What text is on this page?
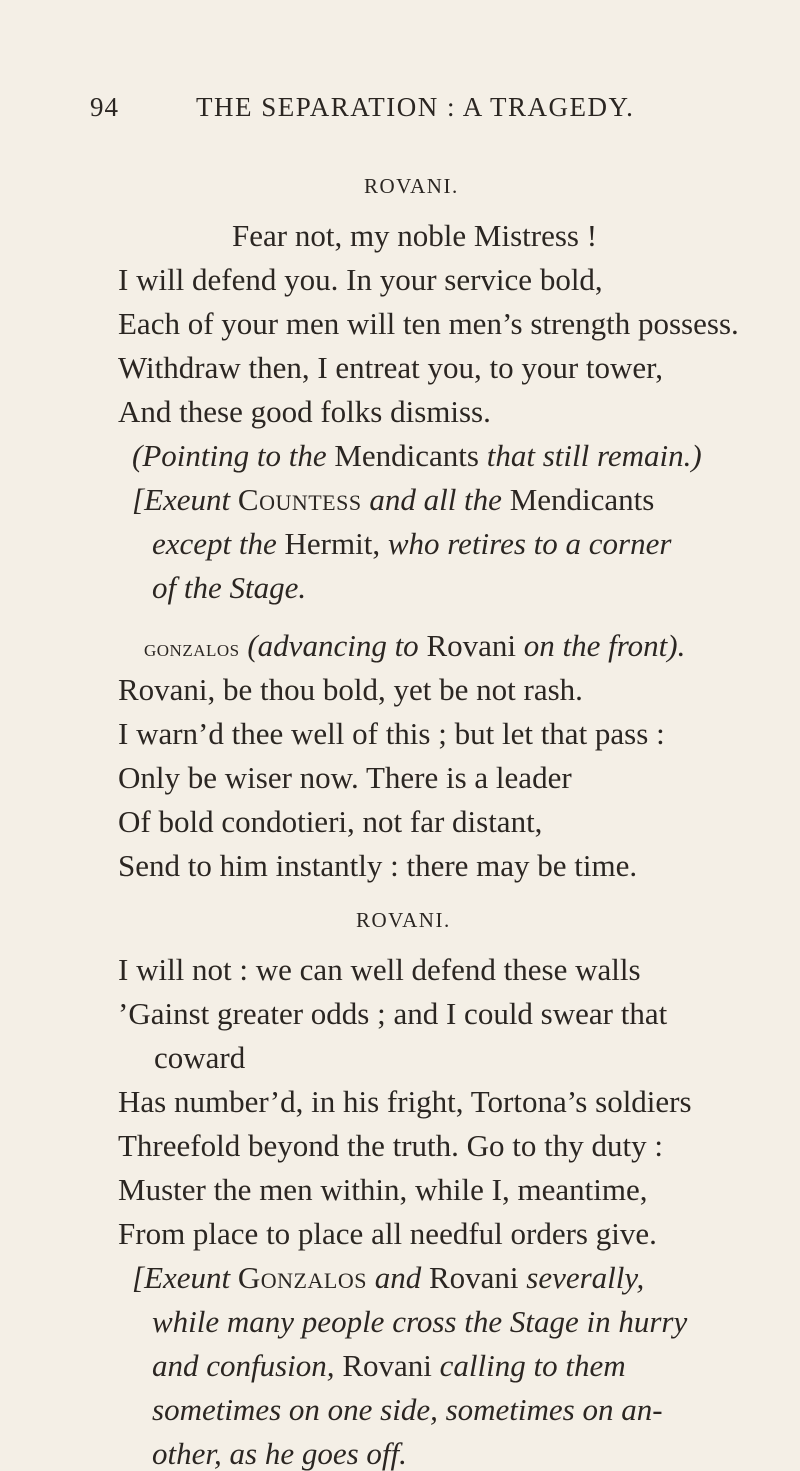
94	THE SEPARATION : A TRAGEDY.
ROVANI.
Fear not, my noble Mistress !
I will defend you. In your service bold,
Each of your men will ten men’s strength possess.
Withdraw then, I entreat you, to your tower,
And these good folks dismiss.
(Pointing to the Mendicants that still remain.)
[Exeunt Countess and all the Mendicants
except the Hermit, who retires to a corner
of the Stage.
gonzalos (advancing to Rovani on the front).
Rovani, be thou bold, yet be not rash.
I warn’d thee well of this ; but let that pass :
Only be wiser now. There is a leader
Of bold condotieri, not far distant,
Send to him instantly : there may be time.
ROVANI.
I will not : we can well defend these walls
’Gainst greater odds ; and I could swear that
coward
Has number’d, in his fright, Tortona’s soldiers
Threefold beyond the truth. Go to thy duty :
Muster the men within, while I, meantime,
From place to place all needful orders give.
[Exeunt Gonzalos and Rovani severally,
while many people cross the Stage in hurry
and confusion, Rovani calling to them
sometimes on one side, sometimes on an-
other, as he goes off.
